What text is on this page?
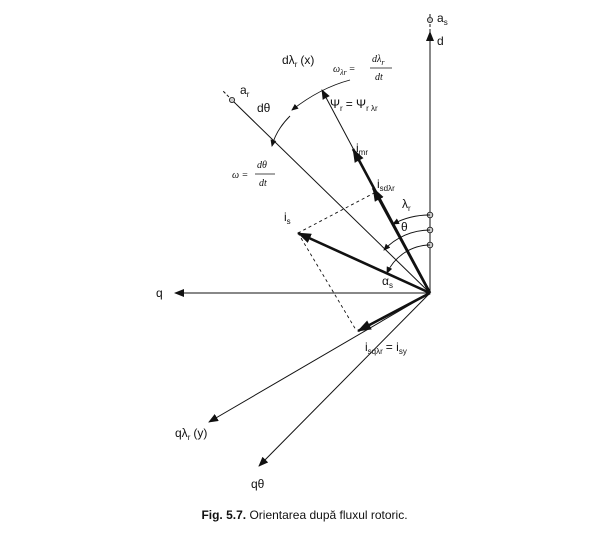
$a_s$
d
$d\lambda_r$ (x)
$a_r$
dθ	$\Psi_r = \Psi_{r \lambda r}$
$i_{mr}$
$i_{sd\lambda r}$
$\lambda_r$
θ
$i_s$
q
$\alpha_s$
$i_{sq\lambda r} = i_{sy}$
$q\lambda_r$ (y)
qθ
$\omega_{\lambda r}$ =
$d\lambda_r$
dt
ω =
dθ
dt
Fig. 5.7. Orientarea după fluxul rotoric.
